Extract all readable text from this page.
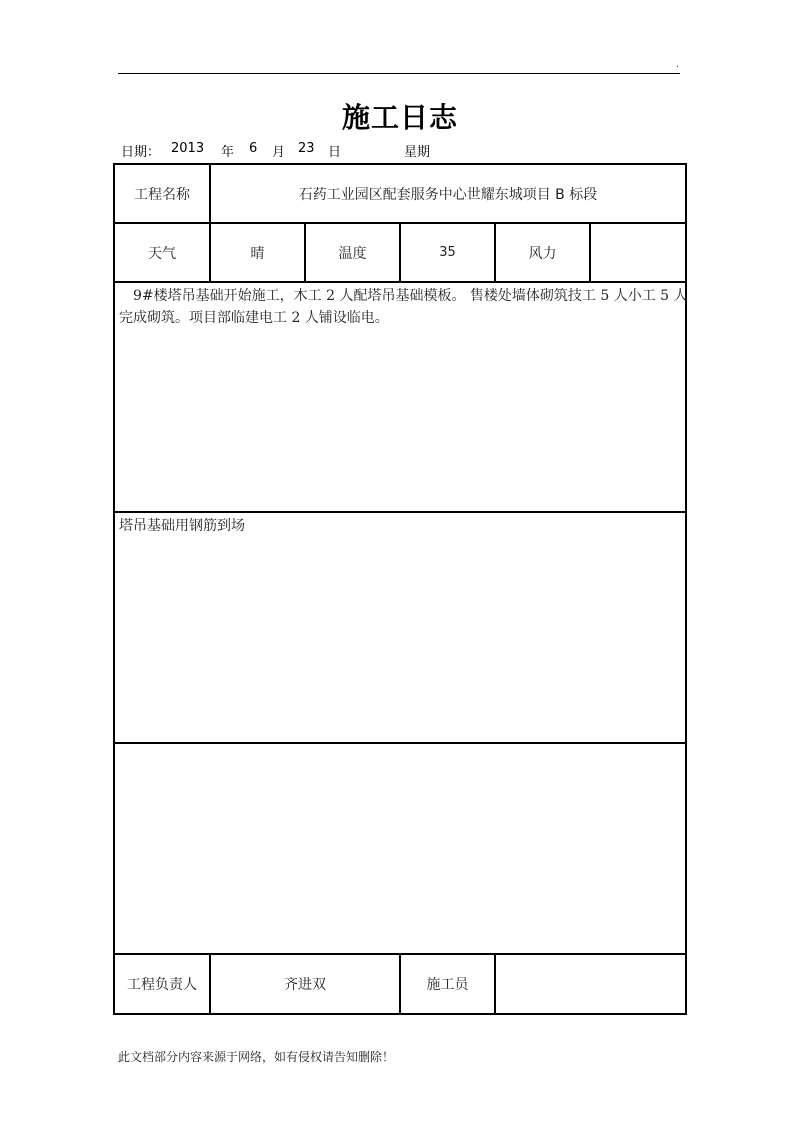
.
施工日志
日期： 2013 年 6 月 23 日	星期
工程名称	石药工业园区配套服务中心世耀东城项目 B 标段
天气	晴	温度	35	风力
9#楼塔吊基础开始施工，木工 2 人配塔吊基础模板。 售楼处墙体砌筑技工 5 人小工 5 人
完成砌筑。项目部临建电工 2 人铺设临电。
塔吊基础用钢筋到场
工程负责人	齐进双	施工员
此文档部分内容来源于网络，如有侵权请告知删除！
